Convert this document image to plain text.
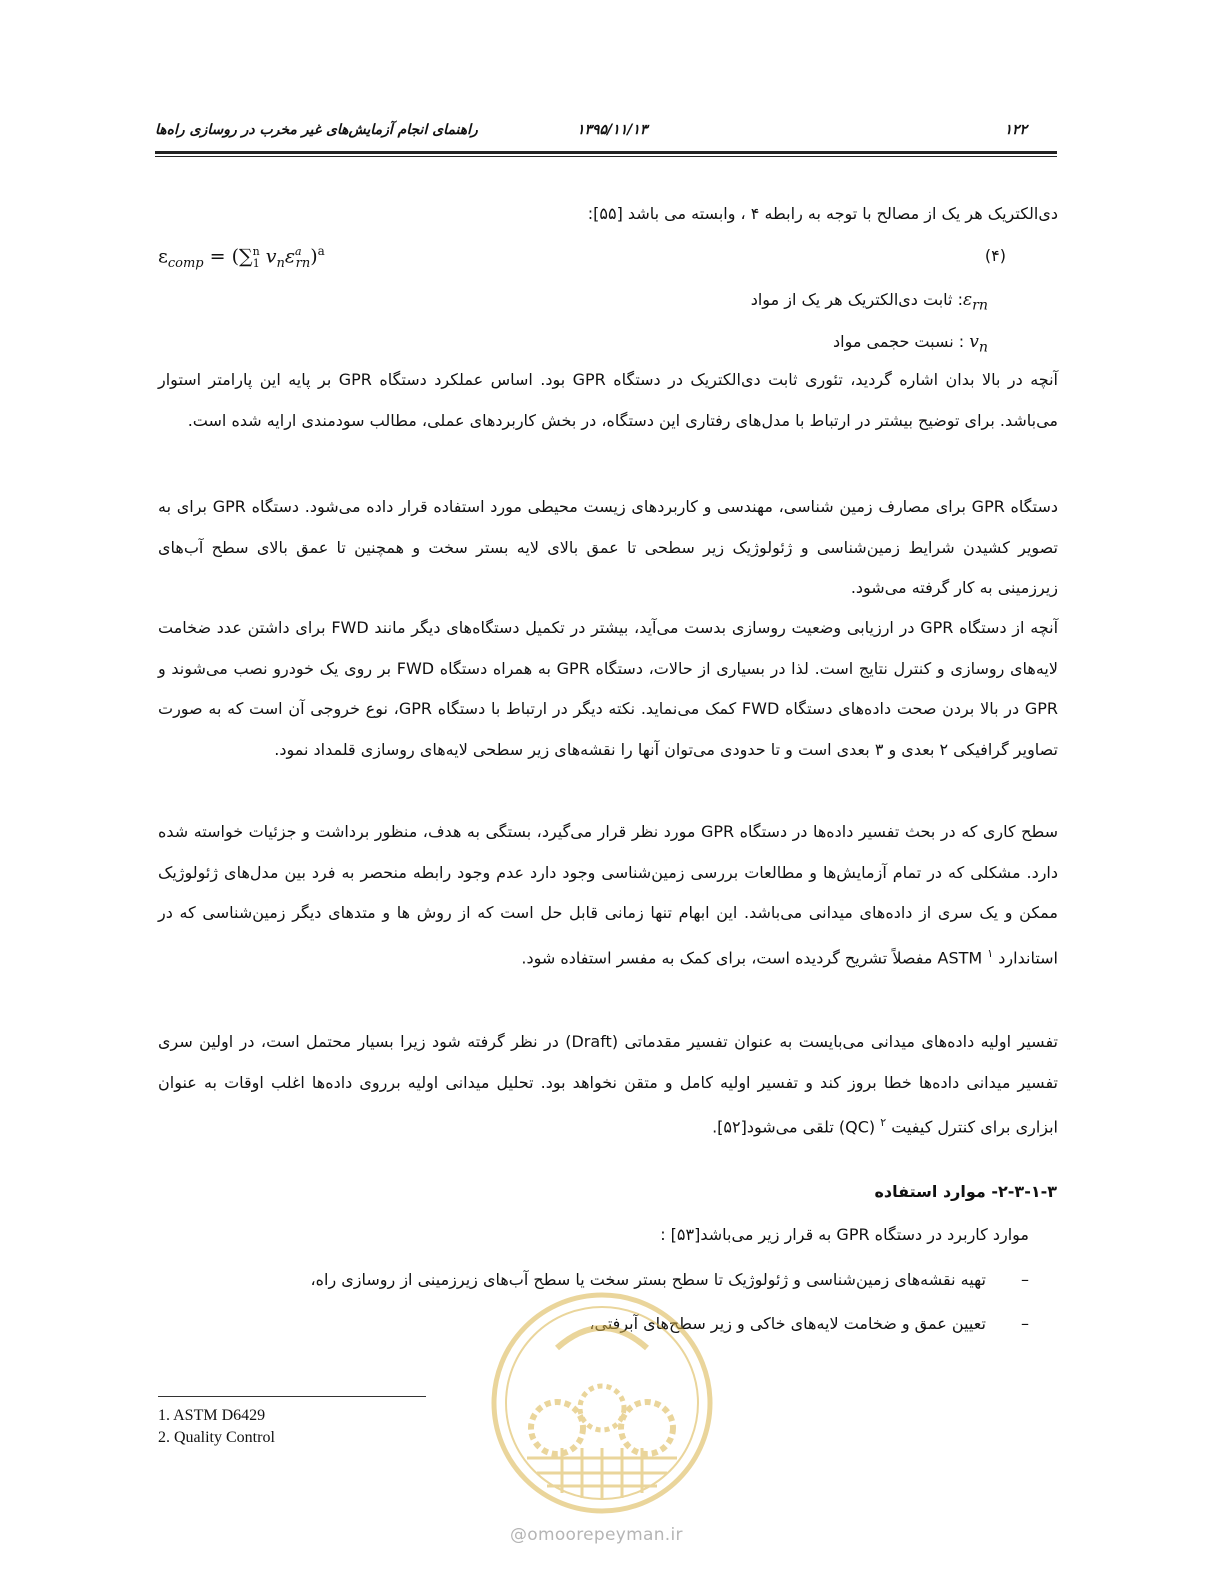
راهنمای انجام آزمایش‌های غیر مخرب در روسازی راه‌ها	۱۳۹۵/۱۱/۱۳	۱۲۲
دی‌الکتریک هر یک از مصالح با توجه به رابطه ۴ ، وابسته می باشد [۵۵]:
$\varepsilon_{comp} = (\sum^n_1$ $v_n\varepsilon^a_{rn})^a$	(۴)
$\varepsilon_{rn}$: ثابت دی‌الکتریک هر یک از مواد
$v_n$ : نسبت حجمی مواد

آنچه در بالا بدان اشاره گردید، تئوری ثابت دی‌الکتریک در دستگاه GPR بود. اساس عملکرد دستگاه GPR بر پایه این پارامتر استوار می‌باشد. برای توضیح بیشتر در ارتباط با مدل‌های رفتاری این دستگاه، در بخش کاربردهای عملی، مطالب سودمندی ارایه شده است.

دستگاه GPR برای مصارف زمین شناسی، مهندسی و کاربردهای زیست محیطی مورد استفاده قرار داده می‌شود. دستگاه GPR برای به تصویر کشیدن شرایط زمین‌شناسی و ژئولوژیک زیر سطحی تا عمق بالای لایه بستر سخت و همچنین تا عمق بالای سطح آب‌های زیرزمینی به کار گرفته می‌شود.

آنچه از دستگاه GPR در ارزیابی وضعیت روسازی بدست می‌آید، بیشتر در تکمیل دستگاه‌های دیگر مانند FWD برای داشتن عدد ضخامت لایه‌های روسازی و کنترل نتایج است. لذا در بسیاری از حالات، دستگاه GPR به همراه دستگاه FWD بر روی یک خودرو نصب می‌شوند و GPR در بالا بردن صحت داده‌های دستگاه FWD کمک می‌نماید. نکته دیگر در ارتباط با دستگاه GPR، نوع خروجی آن است که به صورت تصاویر گرافیکی ۲ بعدی و ۳ بعدی است و تا حدودی می‌توان آنها را نقشه‌های زیر سطحی لایه‌های روسازی قلمداد نمود.

سطح کاری که در بحث تفسیر داده‌ها در دستگاه GPR مورد نظر قرار می‌گیرد، بستگی به هدف، منظور برداشت و جزئیات خواسته شده دارد. مشکلی که در تمام آزمایش‌ها و مطالعات بررسی زمین‌شناسی وجود دارد عدم وجود رابطه منحصر به فرد بین مدل‌های ژئولوژیک ممکن و یک سری از داده‌های میدانی می‌باشد. این ابهام تنها زمانی قابل حل است که از روش ها و متدهای دیگر زمین‌شناسی که در استاندارد $^۱$ ASTM مفصلاً تشریح گردیده است، برای کمک به مفسر استفاده شود.

تفسیر اولیه داده‌های میدانی می‌بایست به عنوان تفسیر مقدماتی (Draft) در نظر گرفته شود زیرا بسیار محتمل است، در اولین سری تفسیر میدانی داده‌ها خطا بروز کند و تفسیر اولیه کامل و متقن نخواهد بود. تحلیل میدانی اولیه برروی داده‌ها اغلب اوقات به عنوان ابزاری برای کنترل کیفیت $^۲$ (QC) تلقی می‌شود[۵۲].

۲-۳-۱-۳- موارد استفاده
موارد کاربرد در دستگاه GPR به قرار زیر می‌باشد[۵۳] :
– تهیه نقشه‌های زمین‌شناسی و ژئولوژیک تا سطح بستر سخت یا سطح آب‌های زیرزمینی از روسازی راه،
– تعیین عمق و ضخامت لایه‌های خاکی و زیر سطح‌های آبرفتی،
@omoorepeyman.ir
1. ASTM D6429
2. Quality Control
